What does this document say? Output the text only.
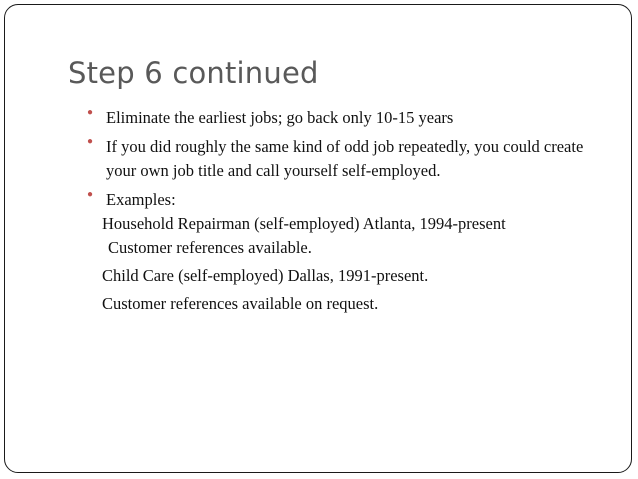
Step 6 continued
● Eliminate the earliest jobs; go back only 10-15 years
● If you did roughly the same kind of odd job repeatedly, you could create your own job title and call yourself self-employed.
● Examples:
Household Repairman (self-employed) Atlanta, 1994-present
Customer references available.
Child Care (self-employed) Dallas, 1991-present.
Customer references available on request.
